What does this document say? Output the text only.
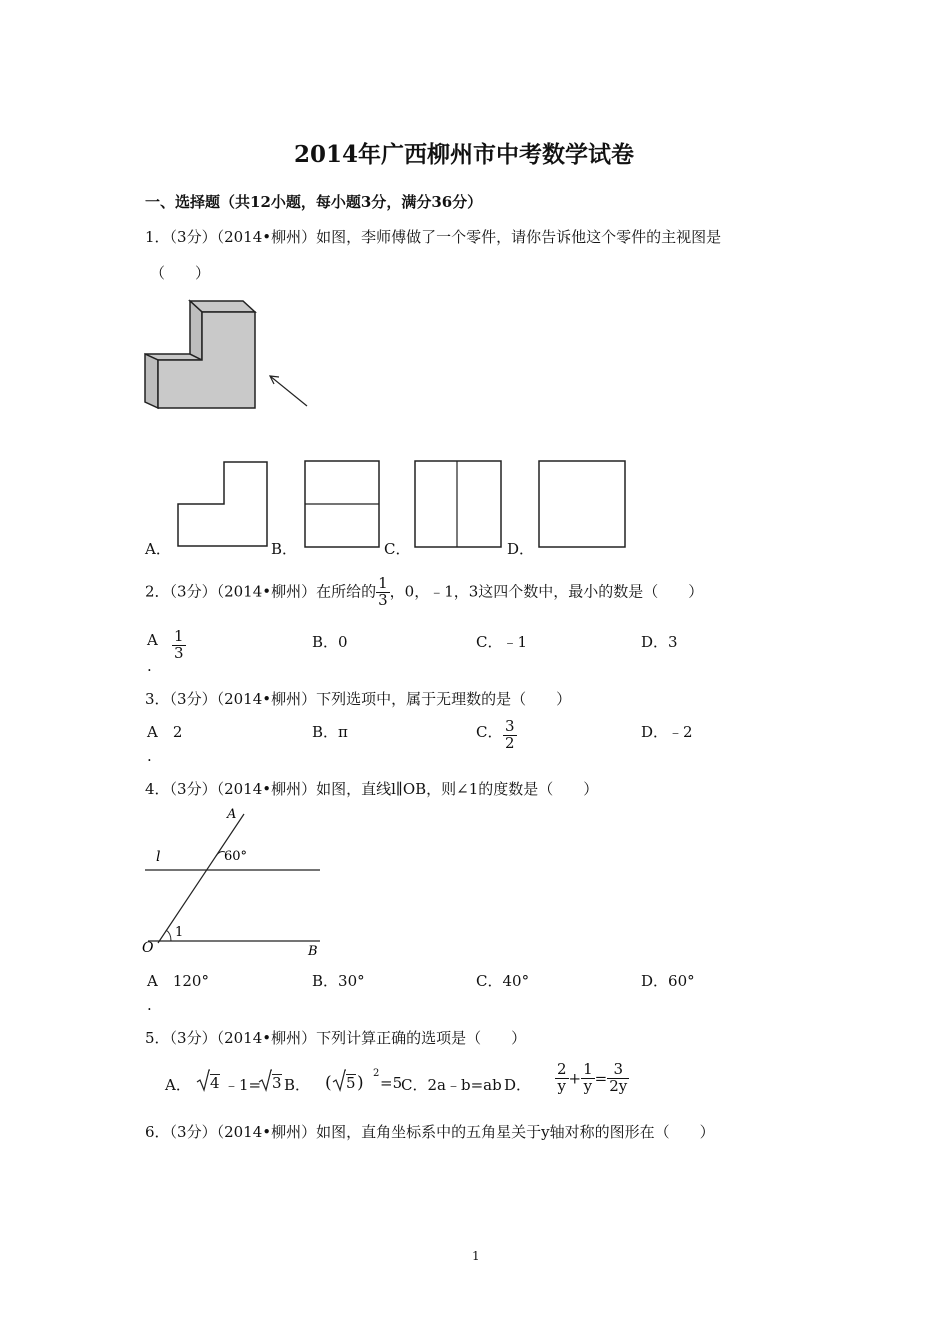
2014年广西柳州市中考数学试卷
一、选择题（共12小题，每小题3分，满分36分）
1．（3分）（2014•柳州）如图，李师傅做了一个零件，请你告诉他这个零件的主视图是
（　　）
A．	B．	C．	D．
2．（3分）（2014•柳州）在所给的 $\frac{1}{3}$ ，0，﹣1，3这四个数中，最小的数是（　　）
A
.
$\frac{1}{3}$	B．0	C．﹣1	D．3
3．（3分）（2014•柳州）下列选项中，属于无理数的是（　　）
A　2
.
B．π	C． $\frac{3}{2}$	D．﹣2
4．（3分）（2014•柳州）如图，直线l∥OB，则∠1的度数是（　　）
A
l	60°
O
1
B
A　120°
.
B．30°	C．40°	D．60°
5．（3分）（2014•柳州）下列计算正确的选项是（　　）
A． 4 ﹣1= 3 B． ( 5 ) 2
=5
C．2a﹣b=ab D． $\frac{2}{y} + \frac{1}{y} = \frac{3}{2y}$
6．（3分）（2014•柳州）如图，直角坐标系中的五角星关于y轴对称的图形在（　　）
1
